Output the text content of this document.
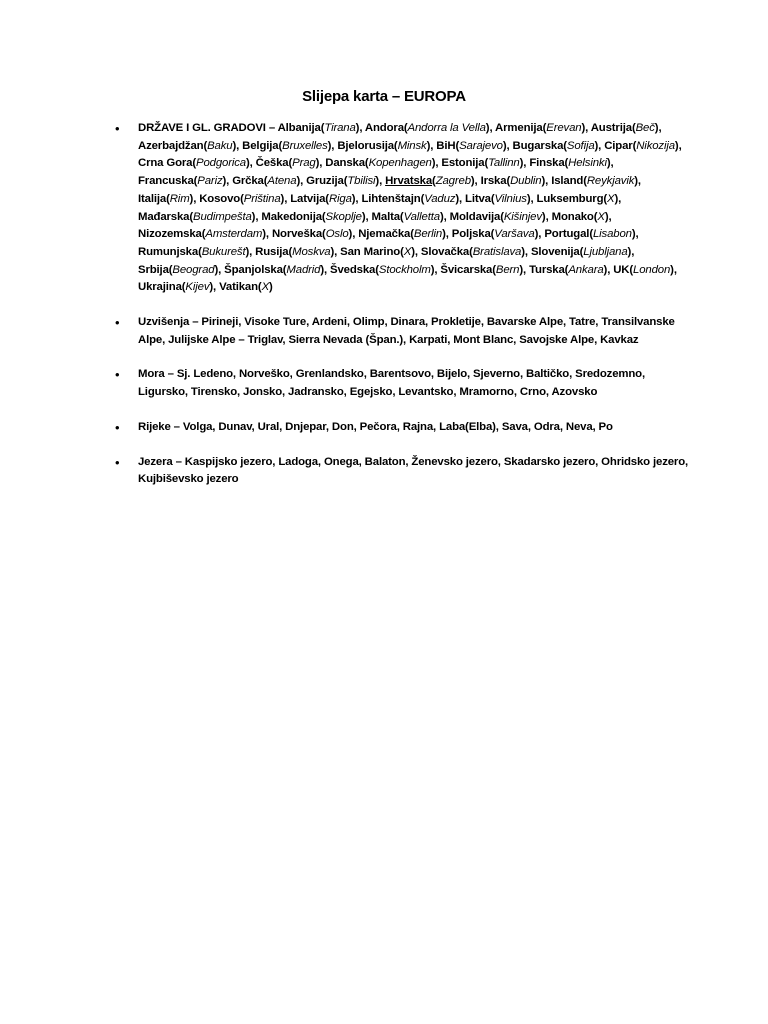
Slijepa karta – EUROPA
• DRŽAVE I GL. GRADOVI – Albanija(Tirana), Andora(Andorra la Vella), Armenija(Erevan), Austrija(Beč), Azerbajdžan(Baku), Belgija(Bruxelles), Bjelorusija(Minsk), BiH(Sarajevo), Bugarska(Sofija), Cipar(Nikozija), Crna Gora(Podgorica), Češka(Prag), Danska(Kopenhagen), Estonija(Tallinn), Finska(Helsinki), Francuska(Pariz), Grčka(Atena), Gruzija(Tbilisi), Hrvatska(Zagreb), Irska(Dublin), Island(Reykjavik), Italija(Rim), Kosovo(Priština), Latvija(Riga), Lihtenštajn(Vaduz), Litva(Vilnius), Luksemburg(X), Mađarska(Budimpešta), Makedonija(Skoplje), Malta(Valletta), Moldavija(Kišinjev), Monako(X), Nizozemska(Amsterdam), Norveška(Oslo), Njemačka(Berlin), Poljska(Varšava), Portugal(Lisabon), Rumunjska(Bukurešt), Rusija(Moskva), San Marino(X), Slovačka(Bratislava), Slovenija(Ljubljana), Srbija(Beograd), Španjolska(Madrid), Švedska(Stockholm), Švicarska(Bern), Turska(Ankara), UK(London), Ukrajina(Kijev), Vatikan(X)
• Uzvišenja – Pirineji, Visoke Ture, Ardeni, Olimp, Dinara, Prokletije, Bavarske Alpe, Tatre, Transilvanske Alpe, Julijske Alpe – Triglav, Sierra Nevada (Špan.), Karpati, Mont Blanc, Savojske Alpe, Kavkaz
• Mora – Sj. Ledeno, Norveško, Grenlandsko, Barentsovo, Bijelo, Sjeverno, Baltičko, Sredozemno, Ligursko, Tirensko, Jonsko, Jadransko, Egejsko, Levantsko, Mramorno, Crno, Azovsko
• Rijeke – Volga, Dunav, Ural, Dnjepar, Don, Pečora, Rajna, Laba(Elba), Sava, Odra, Neva, Po
• Jezera – Kaspijsko jezero, Ladoga, Onega, Balaton, Ženevsko jezero, Skadarsko jezero, Ohridsko jezero, Kujbiševsko jezero
